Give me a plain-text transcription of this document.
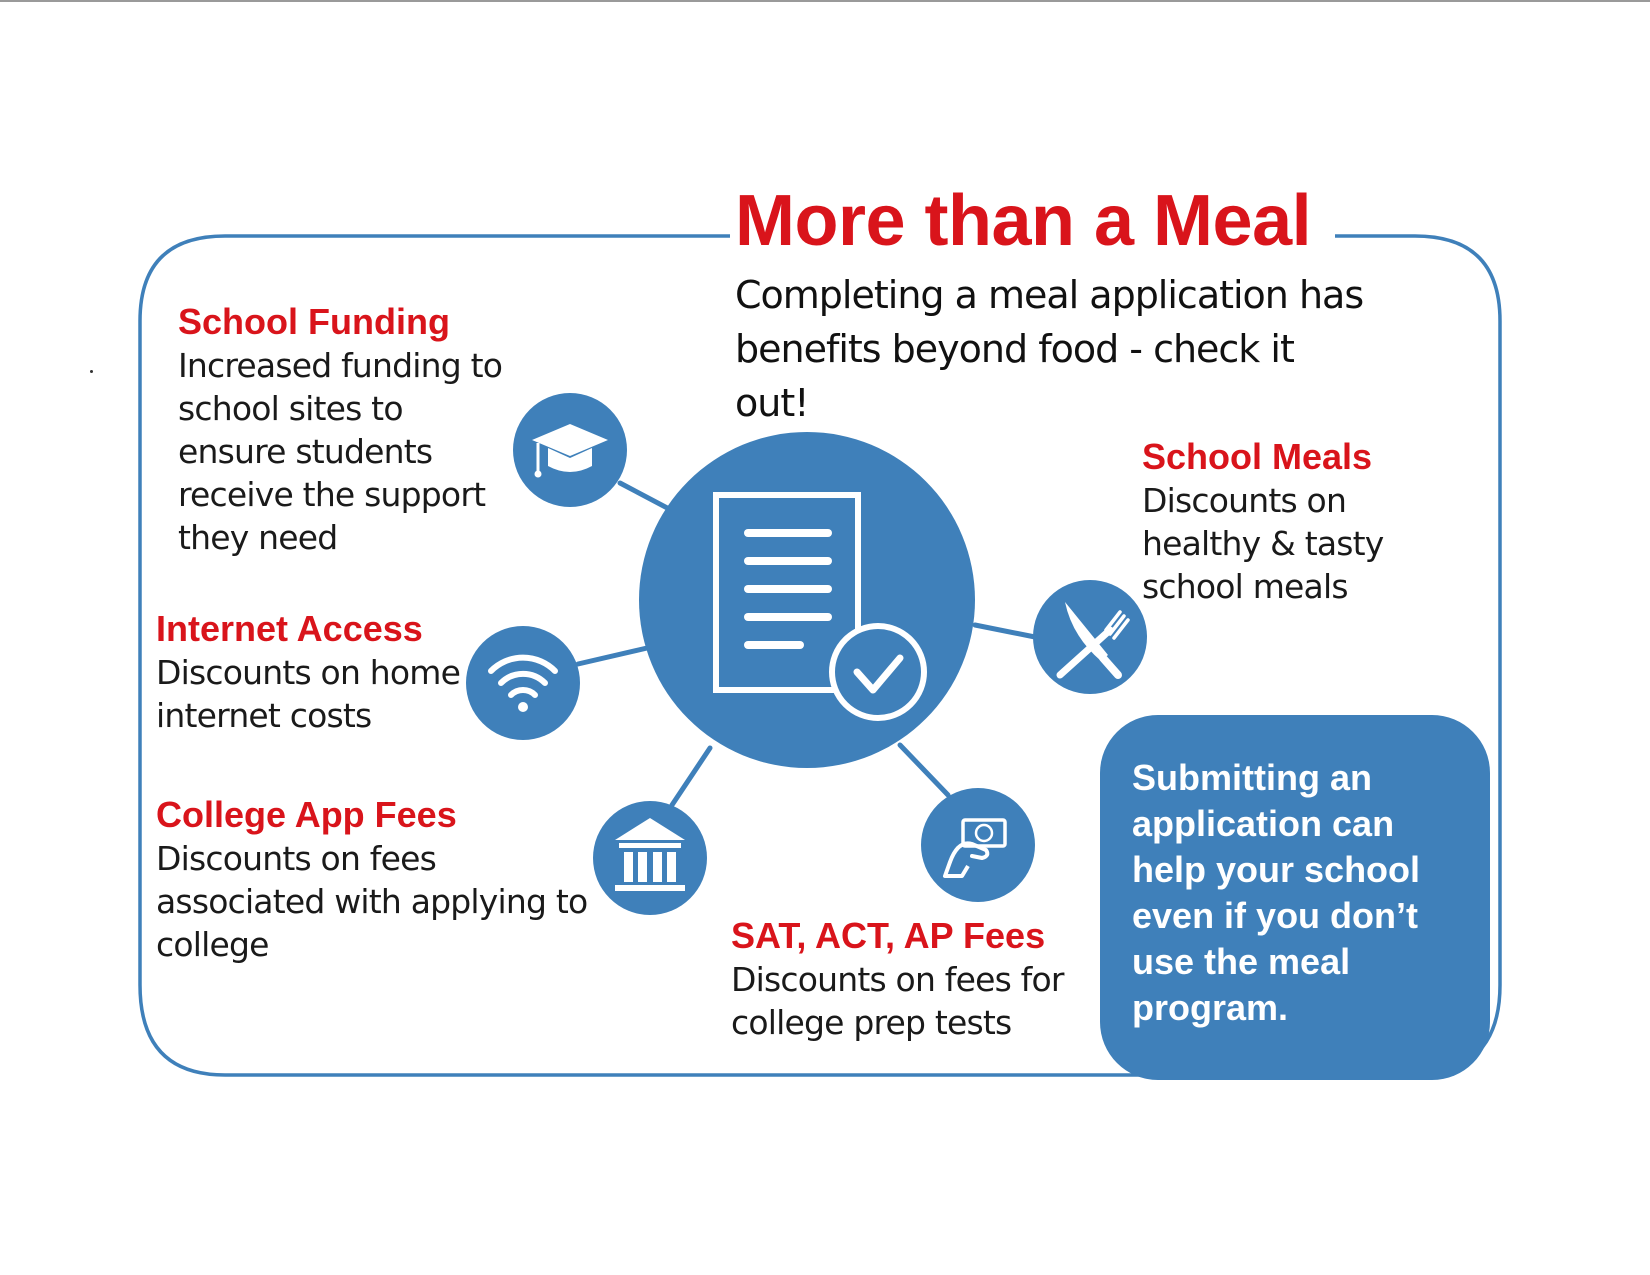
More than a Meal

Completing a meal application has benefits beyond food - check it out!

School Funding

Increased funding to school sites to ensure students receive the support they need

Internet Access

Discounts on home internet costs

College App Fees

Discounts on fees associated with applying to college	SAT, ACT, AP Fees

Discounts on fees for college prep tests

School Meals

Discounts on healthy & tasty school meals

Submitting an application can help your school even if you don’t use the meal program.
